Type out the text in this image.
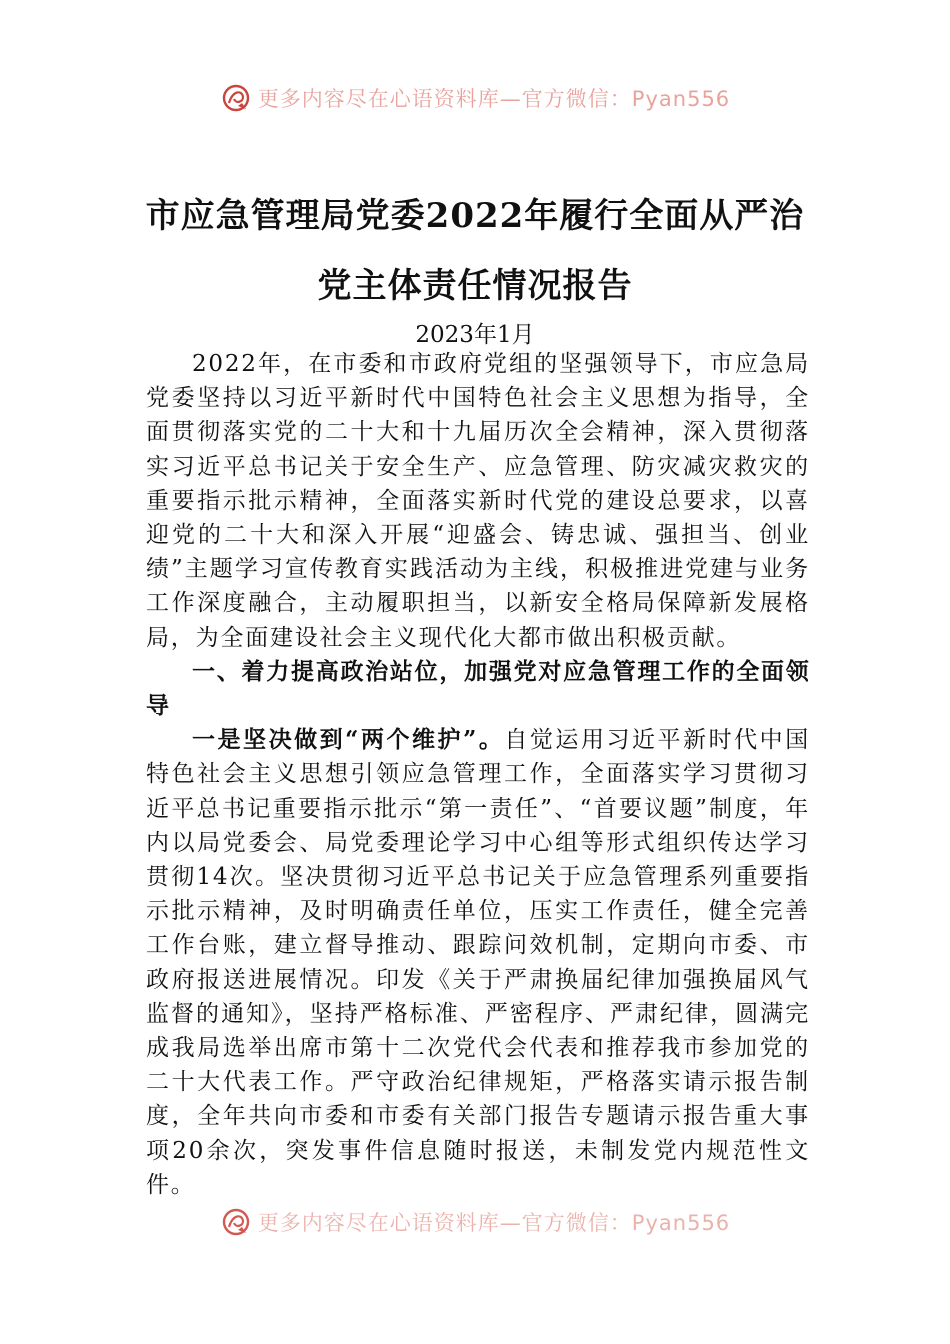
更多内容尽在心语资料库—官方微信：Pyan556
市应急管理局党委2022年履行全面从严治
党主体责任情况报告
2023年1月

2022年，在市委和市政府党组的坚强领导下，市应急局党委坚持以习近平新时代中国特色社会主义思想为指导，全面贯彻落实党的二十大和十九届历次全会精神，深入贯彻落实习近平总书记关于安全生产、应急管理、防灾减灾救灾的重要指示批示精神，全面落实新时代党的建设总要求，以喜迎党的二十大和深入开展“迎盛会、铸忠诚、强担当、创业绩”主题学习宣传教育实践活动为主线，积极推进党建与业务工作深度融合，主动履职担当，以新安全格局保障新发展格局，为全面建设社会主义现代化大都市做出积极贡献。

一、着力提高政治站位，加强党对应急管理工作的全面领导

一是坚决做到“两个维护”。自觉运用习近平新时代中国特色社会主义思想引领应急管理工作，全面落实学习贯彻习近平总书记重要指示批示“第一责任”、“首要议题”制度，年内以局党委会、局党委理论学习中心组等形式组织传达学习贯彻14次。坚决贯彻习近平总书记关于应急管理系列重要指示批示精神，及时明确责任单位，压实工作责任，健全完善工作台账，建立督导推动、跟踪问效机制，定期向市委、市政府报送进展情况。印发《关于严肃换届纪律加强换届风气监督的通知》，坚持严格标准、严密程序、严肃纪律，圆满完成我局选举出席市第十二次党代会代表和推荐我市参加党的二十大代表工作。严守政治纪律规矩，严格落实请示报告制度，全年共向市委和市委有关部门报告专题请示报告重大事项20余次，突发事件信息随时报送，未制发党内规范性文件。

更多内容尽在心语资料库—官方微信：Pyan556
